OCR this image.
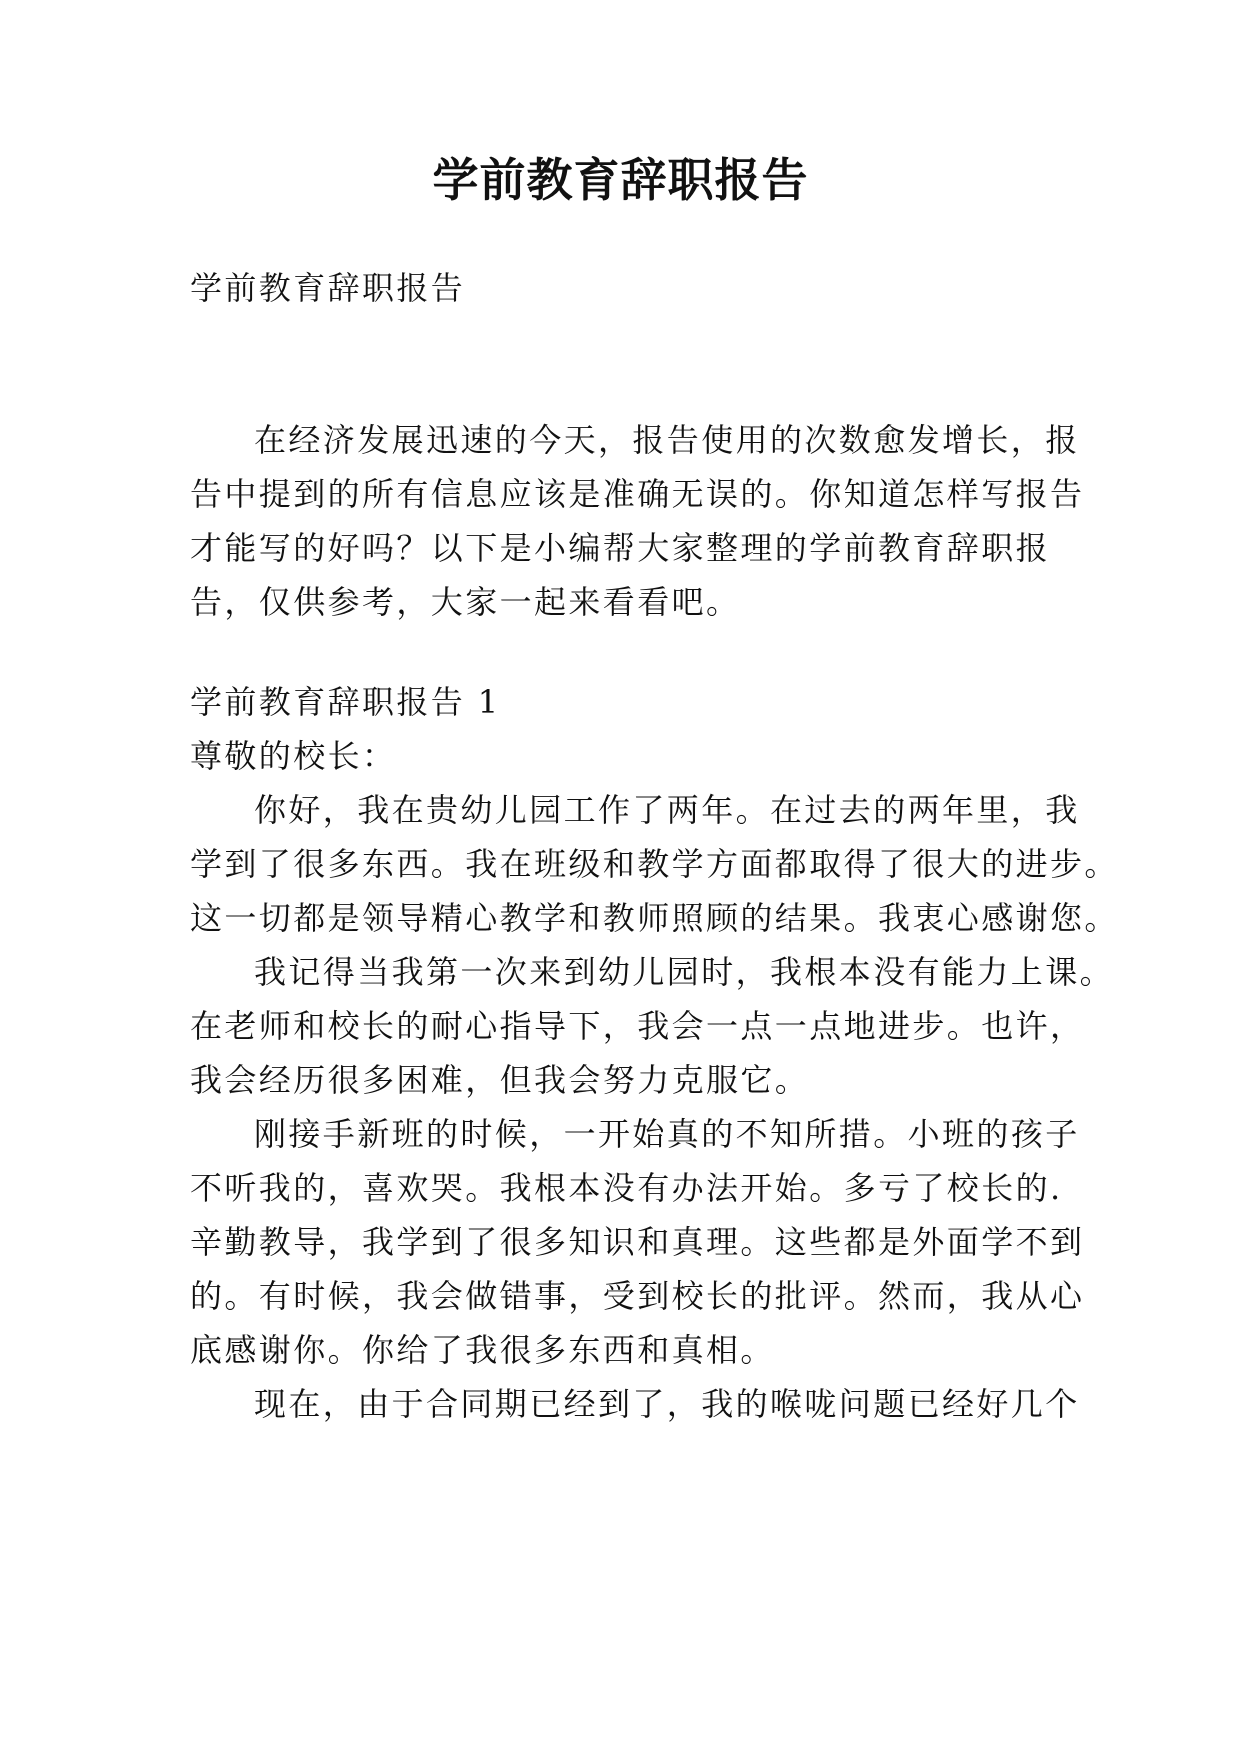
学前教育辞职报告
学前教育辞职报告
在经济发展迅速的今天，报告使用的次数愈发增长，报
告中提到的所有信息应该是准确无误的。你知道怎样写报告
才能写的好吗？以下是小编帮大家整理的学前教育辞职报
告，仅供参考，大家一起来看看吧。
学前教育辞职报告 1
尊敬的校长：
你好，我在贵幼儿园工作了两年。在过去的两年里，我
学到了很多东西。我在班级和教学方面都取得了很大的进步。
这一切都是领导精心教学和教师照顾的结果。我衷心感谢您。
我记得当我第一次来到幼儿园时，我根本没有能力上课。
在老师和校长的耐心指导下，我会一点一点地进步。也许，
我会经历很多困难，但我会努力克服它。
刚接手新班的时候，一开始真的不知所措。小班的孩子
不听我的，喜欢哭。我根本没有办法开始。多亏了校长的.
辛勤教导，我学到了很多知识和真理。这些都是外面学不到
的。有时候，我会做错事，受到校长的批评。然而，我从心
底感谢你。你给了我很多东西和真相。
现在，由于合同期已经到了，我的喉咙问题已经好几个
